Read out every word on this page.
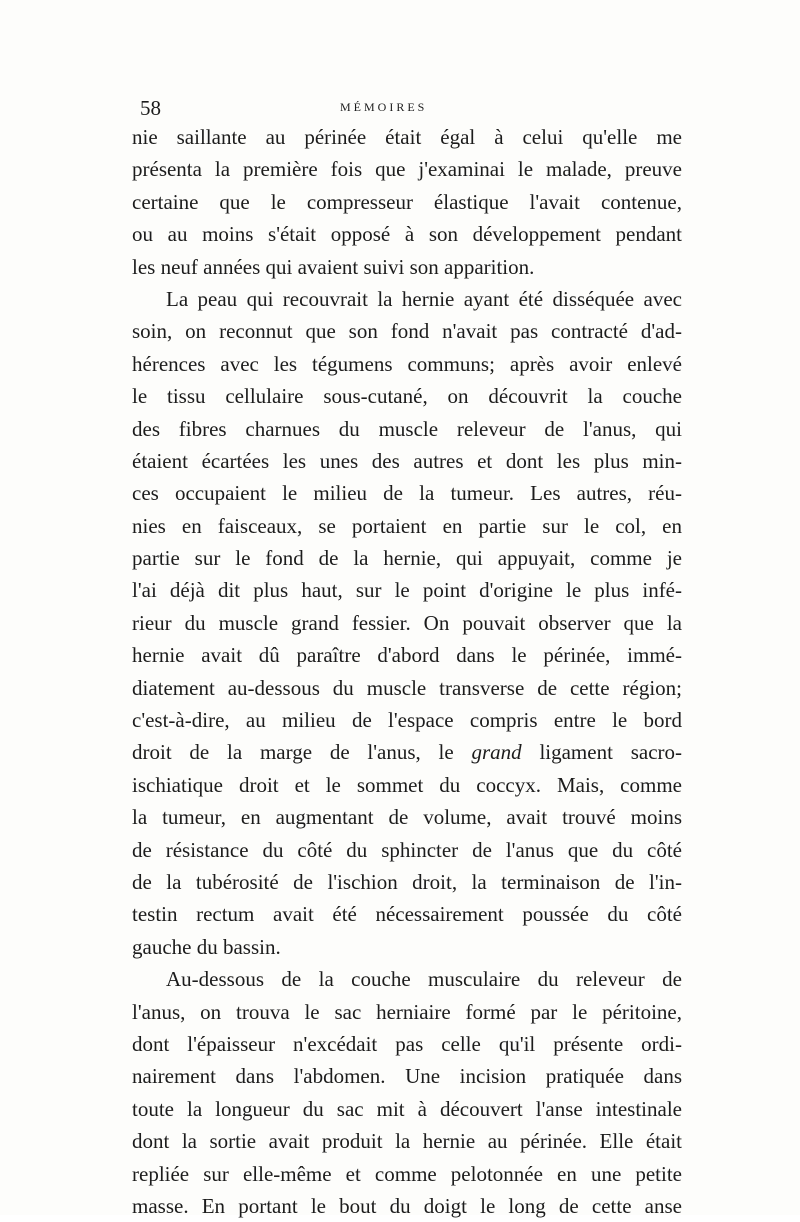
58	MÉMOIRES
nie saillante au périnée était égal à celui qu'elle me
présenta la première fois que j'examinai le malade, preuve
certaine que le compresseur élastique l'avait contenue,
ou au moins s'était opposé à son développement pendant
les neuf années qui avaient suivi son apparition.
La peau qui recouvrait la hernie ayant été disséquée avec
soin, on reconnut que son fond n'avait pas contracté d'ad-
hérences avec les tégumens communs; après avoir enlevé
le tissu cellulaire sous-cutané, on découvrit la couche
des fibres charnues du muscle releveur de l'anus, qui
étaient écartées les unes des autres et dont les plus min-
ces occupaient le milieu de la tumeur. Les autres, réu-
nies en faisceaux, se portaient en partie sur le col, en
partie sur le fond de la hernie, qui appuyait, comme je
l'ai déjà dit plus haut, sur le point d'origine le plus infé-
rieur du muscle grand fessier. On pouvait observer que la
hernie avait dû paraître d'abord dans le périnée, immé-
diatement au-dessous du muscle transverse de cette région;
c'est-à-dire, au milieu de l'espace compris entre le bord
droit de la marge de l'anus, le grand ligament sacro-
ischiatique droit et le sommet du coccyx. Mais, comme
la tumeur, en augmentant de volume, avait trouvé moins
de résistance du côté du sphincter de l'anus que du côté
de la tubérosité de l'ischion droit, la terminaison de l'in-
testin rectum avait été nécessairement poussée du côté
gauche du bassin.
Au-dessous de la couche musculaire du releveur de
l'anus, on trouva le sac herniaire formé par le péritoine,
dont l'épaisseur n'excédait pas celle qu'il présente ordi-
nairement dans l'abdomen. Une incision pratiquée dans
toute la longueur du sac mit à découvert l'anse intestinale
dont la sortie avait produit la hernie au périnée. Elle était
repliée sur elle-même et comme pelotonnée en une petite
masse. En portant le bout du doigt le long de cette anse
